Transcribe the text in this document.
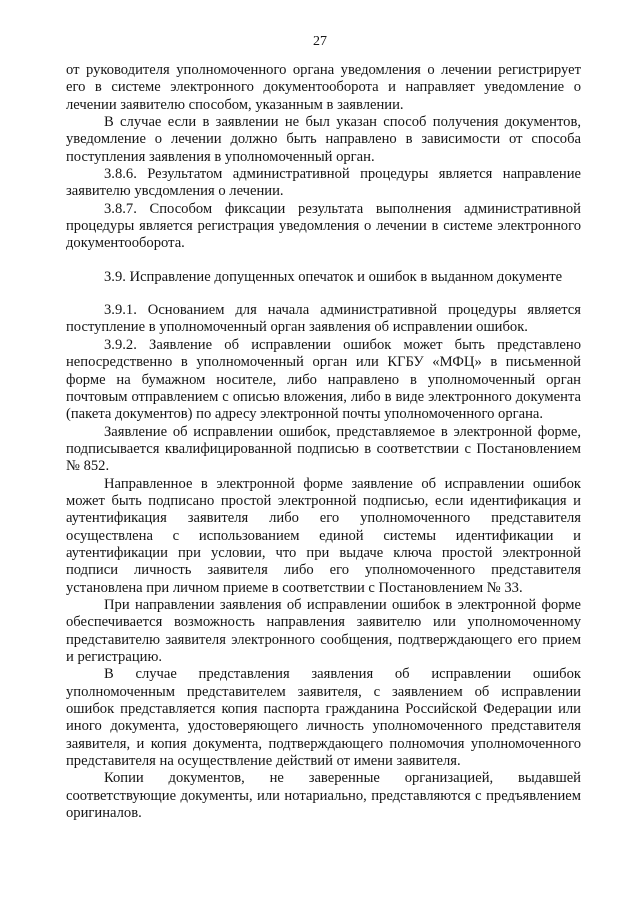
27

от руководителя уполномоченного органа уведомления о лечении регистрирует его в системе электронного документооборота и направляет уведомление о лечении заявителю способом, указанным в заявлении.

В случае если в заявлении не был указан способ получения документов, уведомление о лечении должно быть направлено в зависимости от способа поступления заявления в уполномоченный орган.

3.8.6. Результатом административной процедуры является направление заявителю увсдомления о лечении.

3.8.7. Способом фиксации результата выполнения административной процедуры является регистрация уведомления о лечении в системе электронного документооборота.

3.9. Исправление допущенных опечаток и ошибок в выданном документе

3.9.1. Основанием для начала административной процедуры является поступление в уполномоченный орган заявления об исправлении ошибок.

3.9.2. Заявление об исправлении ошибок может быть представлено непосредственно в уполномоченный орган или КГБУ «МФЦ» в письменной форме на бумажном носителе, либо направлено в уполномоченный орган почтовым отправлением с описью вложения, либо в виде электронного документа (пакета документов) по адресу электронной почты уполномоченного органа.

Заявление об исправлении ошибок, представляемое в электронной форме, подписывается квалифицированной подписью в соответствии с Постановлением № 852.

Направленное в электронной форме заявление об исправлении ошибок может быть подписано простой электронной подписью, если идентификация и аутентификация заявителя либо его уполномоченного представителя осуществлена с использованием единой системы идентификации и аутентификации при условии, что при выдаче ключа простой электронной подписи личность заявителя либо его уполномоченного представителя установлена при личном приеме в соответствии с Постановлением № 33.

При направлении заявления об исправлении ошибок в электронной форме обеспечивается возможность направления заявителю или уполномоченному представителю заявителя электронного сообщения, подтверждающего его прием и регистрацию.

В случае представления заявления об исправлении ошибок уполномоченным представителем заявителя, с заявлением об исправлении ошибок представляется копия паспорта гражданина Российской Федерации или иного документа, удостоверяющего личность уполномоченного представителя заявителя, и копия документа, подтверждающего полномочия уполномоченного представителя на осуществление действий от имени заявителя.

Копии документов, не заверенные организацией, выдавшей соответствующие документы, или нотариально, представляются с предъявлением оригиналов.
